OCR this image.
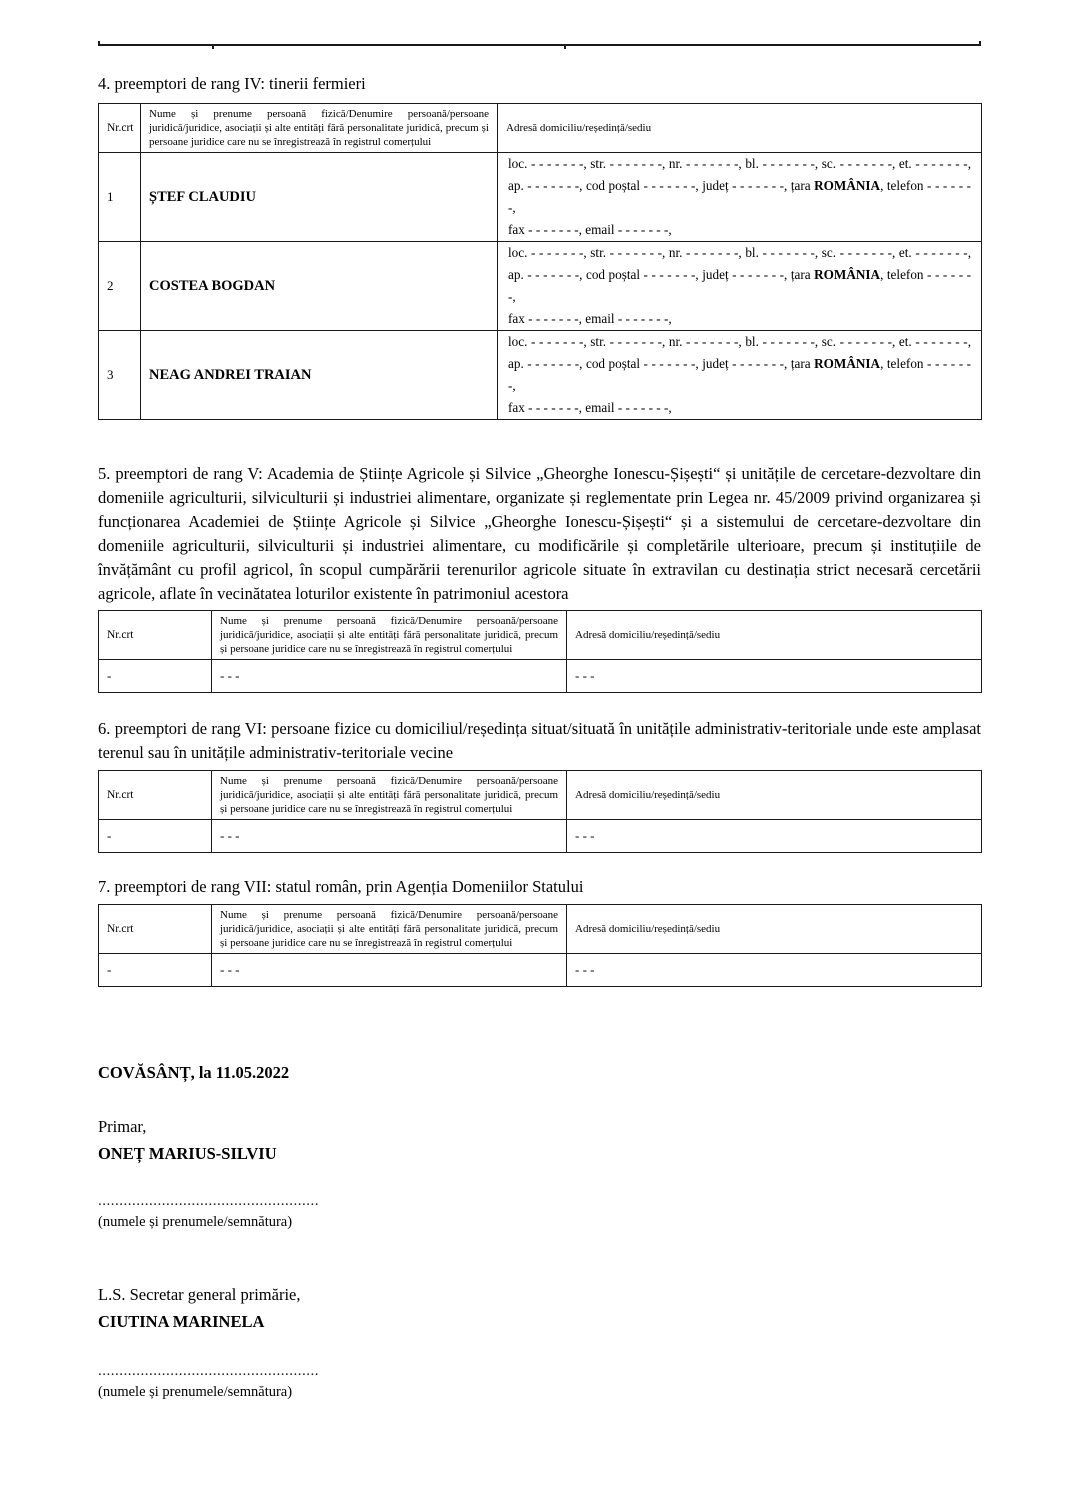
4. preemptori de rang IV: tinerii fermieri

Nr.crt	Nume și prenume persoană fizică/Denumire persoană/persoane juridică/juridice, asociații și alte entități fără personalitate juridică, precum și persoane juridice care nu se înregistrează în registrul comerțului	Adresă domiciliu/reședință/sediu
1	ȘTEF CLAUDIU	loc. - - - - - - -, str. - - - - - - -, nr. - - - - - - -, bl. - - - - - - -, sc. - - - - - - -, et. - - - - - - -,
ap. - - - - - - -, cod poștal - - - - - - -, județ - - - - - - -, țara ROMÂNIA, telefon - - - - - - -,
fax - - - - - - -, email - - - - - - -,

2	COSTEA BOGDAN	loc. - - - - - - -, str. - - - - - - -, nr. - - - - - - -, bl. - - - - - - -, sc. - - - - - - -, et. - - - - - - -,
ap. - - - - - - -, cod poștal - - - - - - -, județ - - - - - - -, țara ROMÂNIA, telefon - - - - - - -,
fax - - - - - - -, email - - - - - - -,

3	NEAG ANDREI TRAIAN	loc. - - - - - - -, str. - - - - - - -, nr. - - - - - - -, bl. - - - - - - -, sc. - - - - - - -, et. - - - - - - -,
ap. - - - - - - -, cod poștal - - - - - - -, județ - - - - - - -, țara ROMÂNIA, telefon - - - - - - -,
fax - - - - - - -, email - - - - - - -,

5. preemptori de rang V: Academia de Științe Agricole și Silvice „Gheorghe Ionescu-Șișești“ și unitățile de cercetare-dezvoltare din domeniile agriculturii, silviculturii și industriei alimentare, organizate și reglementate prin Legea nr. 45/2009 privind organizarea și funcționarea Academiei de Științe Agricole și Silvice „Gheorghe Ionescu-Șișești“ și a sistemului de cercetare-dezvoltare din domeniile agriculturii, silviculturii și industriei alimentare, cu modificările și completările ulterioare, precum și instituțiile de învățământ cu profil agricol, în scopul cumpărării terenurilor agricole situate în extravilan cu destinația strict necesară cercetării agricole, aflate în vecinătatea loturilor existente în patrimoniul acestora

Nr.crt	Nume și prenume persoană fizică/Denumire persoană/persoane juridică/juridice, asociații și alte entități fără personalitate juridică, precum și persoane juridice care nu se înregistrează în registrul comerțului	Adresă domiciliu/reședință/sediu
-	- - -	- - -

6. preemptori de rang VI: persoane fizice cu domiciliul/reședința situat/situată în unitățile administrativ-teritoriale unde este amplasat terenul sau în unitățile administrativ-teritoriale vecine

Nr.crt	Nume și prenume persoană fizică/Denumire persoană/persoane juridică/juridice, asociații și alte entități fără personalitate juridică, precum și persoane juridice care nu se înregistrează în registrul comerțului	Adresă domiciliu/reședință/sediu
-	- - -	- - -

7. preemptori de rang VII: statul român, prin Agenția Domeniilor Statului

Nr.crt	Nume și prenume persoană fizică/Denumire persoană/persoane juridică/juridice, asociații și alte entități fără personalitate juridică, precum și persoane juridice care nu se înregistrează în registrul comerțului	Adresă domiciliu/reședință/sediu
-	- - -	- - -

COVĂSÂNȚ, la 11.05.2022

Primar,

ONEȚ MARIUS-SILVIU

....................................................

(numele și prenumele/semnătura)

L.S. Secretar general primărie,

CIUTINA MARINELA

....................................................

(numele și prenumele/semnătura)
